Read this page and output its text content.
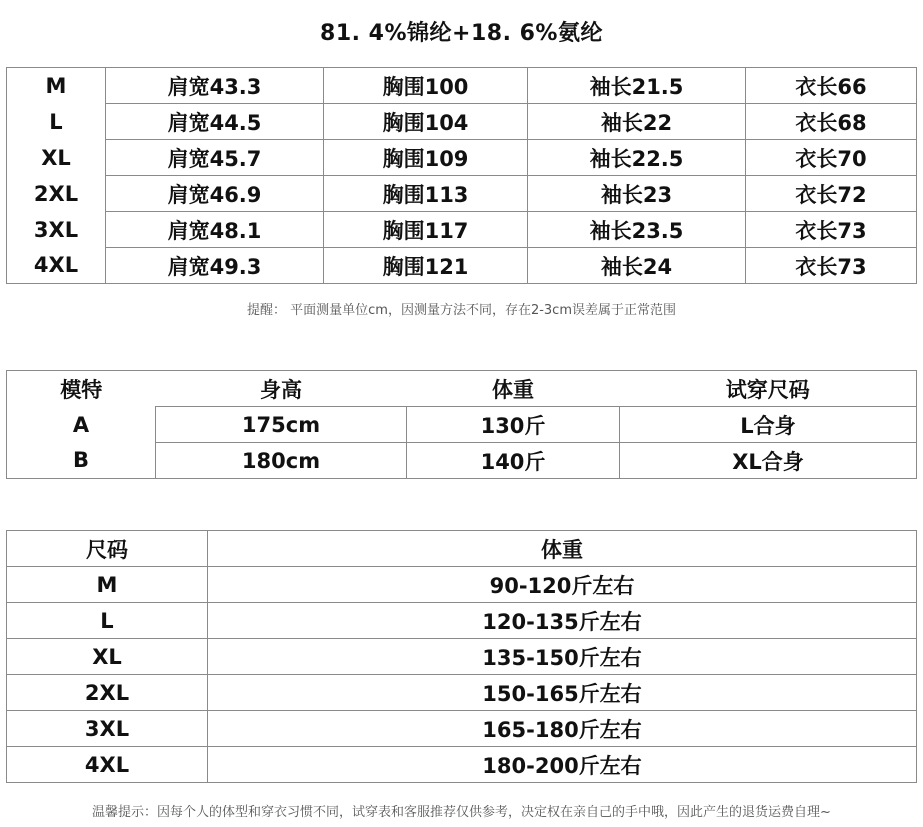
81. 4%锦纶+18. 6%氨纶
M	肩宽43.3	胸围100	袖长21.5	衣长66
L	肩宽44.5	胸围104	袖长22	衣长68
XL	肩宽45.7	胸围109	袖长22.5	衣长70
2XL	肩宽46.9	胸围113	袖长23	衣长72
3XL	肩宽48.1	胸围117	袖长23.5	衣长73
4XL	肩宽49.3	胸围121	袖长24	衣长73
提醒： 平面测量单位cm，因测量方法不同，存在2-3cm误差属于正常范围
模特	身高	体重	试穿尺码
A	175cm	130斤	L合身
B	180cm	140斤	XL合身
尺码	体重
M	90-120斤左右
L	120-135斤左右
XL	135-150斤左右
2XL	150-165斤左右
3XL	165-180斤左右
4XL	180-200斤左右
温馨提示：因每个人的体型和穿衣习惯不同，试穿表和客服推荐仅供参考，决定权在亲自己的手中哦，因此产生的退货运费自理~
